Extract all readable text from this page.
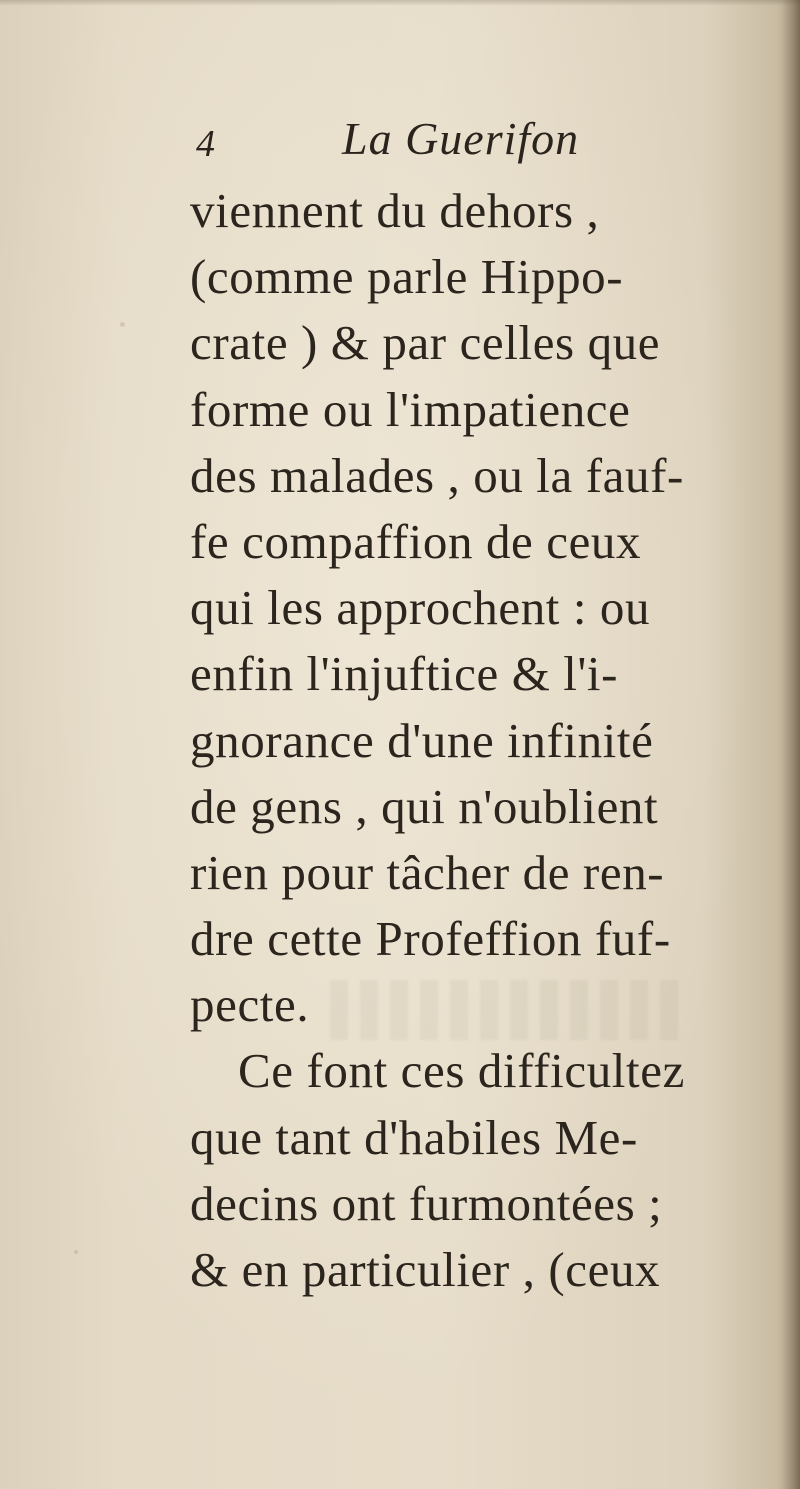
4	La Guerifon
viennent du dehors ,
(comme parle Hippo-
crate ) & par celles que
forme ou l'impatience
des malades , ou la fauf-
fe compaffion de ceux
qui les approchent : ou
enfin l'injuftice & l'i-
gnorance d'une infinité
de gens , qui n'oublient
rien pour tâcher de ren-
dre cette Profeffion fuf-
pecte.
Ce font ces difficultez
que tant d'habiles Me-
decins ont furmontées ;
& en particulier , (ceux
